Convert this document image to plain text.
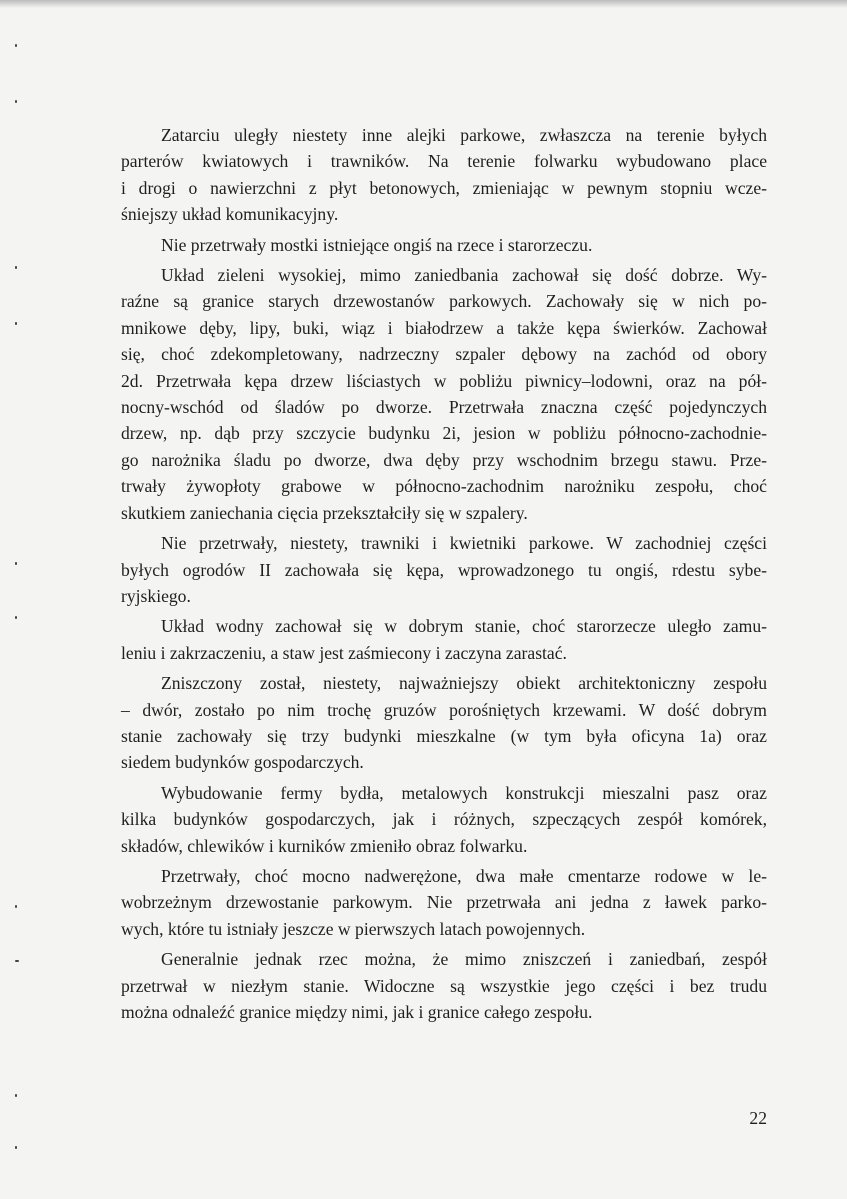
Zatarciu uległy niestety inne alejki parkowe, zwłaszcza na terenie byłych
parterów kwiatowych i trawników. Na terenie folwarku wybudowano place
i drogi o nawierzchni z płyt betonowych, zmieniając w pewnym stopniu wcze-
śniejszy układ komunikacyjny.

Nie przetrwały mostki istniejące ongiś na rzece i starorzeczu.

Układ zieleni wysokiej, mimo zaniedbania zachował się dość dobrze. Wy-
raźne są granice starych drzewostanów parkowych. Zachowały się w nich po-
mnikowe dęby, lipy, buki, wiąz i białodrzew a także kępa świerków. Zachował
się, choć zdekompletowany, nadrzeczny szpaler dębowy na zachód od obory
2d. Przetrwała kępa drzew liściastych w pobliżu piwnicy–lodowni, oraz na pół-
nocny-wschód od śladów po dworze. Przetrwała znaczna część pojedynczych
drzew, np. dąb przy szczycie budynku 2i, jesion w pobliżu północno-zachodnie-
go narożnika śladu po dworze, dwa dęby przy wschodnim brzegu stawu. Prze-
trwały żywopłoty grabowe w północno-zachodnim narożniku zespołu, choć
skutkiem zaniechania cięcia przekształciły się w szpalery.

Nie przetrwały, niestety, trawniki i kwietniki parkowe. W zachodniej części
byłych ogrodów II zachowała się kępa, wprowadzonego tu ongiś, rdestu sybe-
ryjskiego.

Układ wodny zachował się w dobrym stanie, choć starorzecze uległo zamu-
leniu i zakrzaczeniu, a staw jest zaśmiecony i zaczyna zarastać.

Zniszczony został, niestety, najważniejszy obiekt architektoniczny zespołu
– dwór, zostało po nim trochę gruzów porośniętych krzewami. W dość dobrym
stanie zachowały się trzy budynki mieszkalne (w tym była oficyna 1a) oraz
siedem budynków gospodarczych.

Wybudowanie fermy bydła, metalowych konstrukcji mieszalni pasz oraz
kilka budynków gospodarczych, jak i różnych, szpeczących zespół komórek,
składów, chlewików i kurników zmieniło obraz folwarku.

Przetrwały, choć mocno nadwerężone, dwa małe cmentarze rodowe w le-
wobrzeżnym drzewostanie parkowym. Nie przetrwała ani jedna z ławek parko-
wych, które tu istniały jeszcze w pierwszych latach powojennych.

Generalnie jednak rzec można, że mimo zniszczeń i zaniedbań, zespół
przetrwał w niezłym stanie. Widoczne są wszystkie jego części i bez trudu
można odnaleźć granice między nimi, jak i granice całego zespołu.

22
